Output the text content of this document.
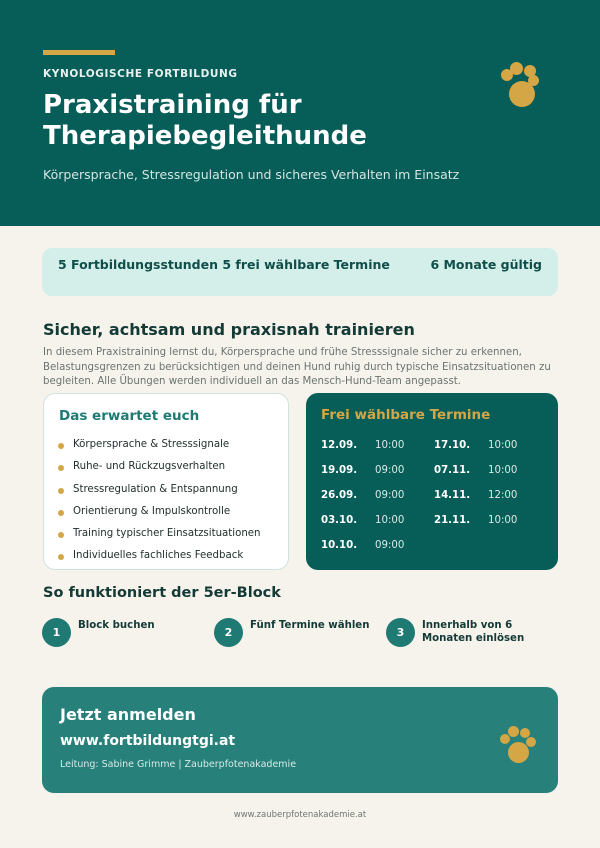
KYNOLOGISCHE FORTBILDUNG
Praxistraining für
Therapiebegleithunde
Körpersprache, Stressregulation und sicheres Verhalten im Einsatz
5 Fortbildungsstunden 5 frei wählbare Termine	6 Monate gültig
Sicher, achtsam und praxisnah trainieren
In diesem Praxistraining lernst du, Körpersprache und frühe Stresssignale sicher zu erkennen, Belastungsgrenzen zu berücksichtigen und deinen Hund ruhig durch typische Einsatzsituationen zu begleiten. Alle Übungen werden individuell an das Mensch-Hund-Team angepasst.
Das erwartet euch
Körpersprache & Stresssignale
Ruhe- und Rückzugsverhalten
Stressregulation & Entspannung
Orientierung & Impulskontrolle
Training typischer Einsatzsituationen
Individuelles fachliches Feedback
Frei wählbare Termine
12.09. 10:00
19.09. 09:00
26.09. 09:00
03.10. 10:00
10.10. 09:00
17.10. 10:00
07.11. 10:00
14.11. 12:00
21.11. 10:00
So funktioniert der 5er-Block
1
Block buchen
2
Fünf Termine wählen
3
Innerhalb von 6 Monaten einlösen
Jetzt anmelden
www.fortbildungtgi.at
Leitung: Sabine Grimme | Zauberpfotenakademie
www.zauberpfotenakademie.at
